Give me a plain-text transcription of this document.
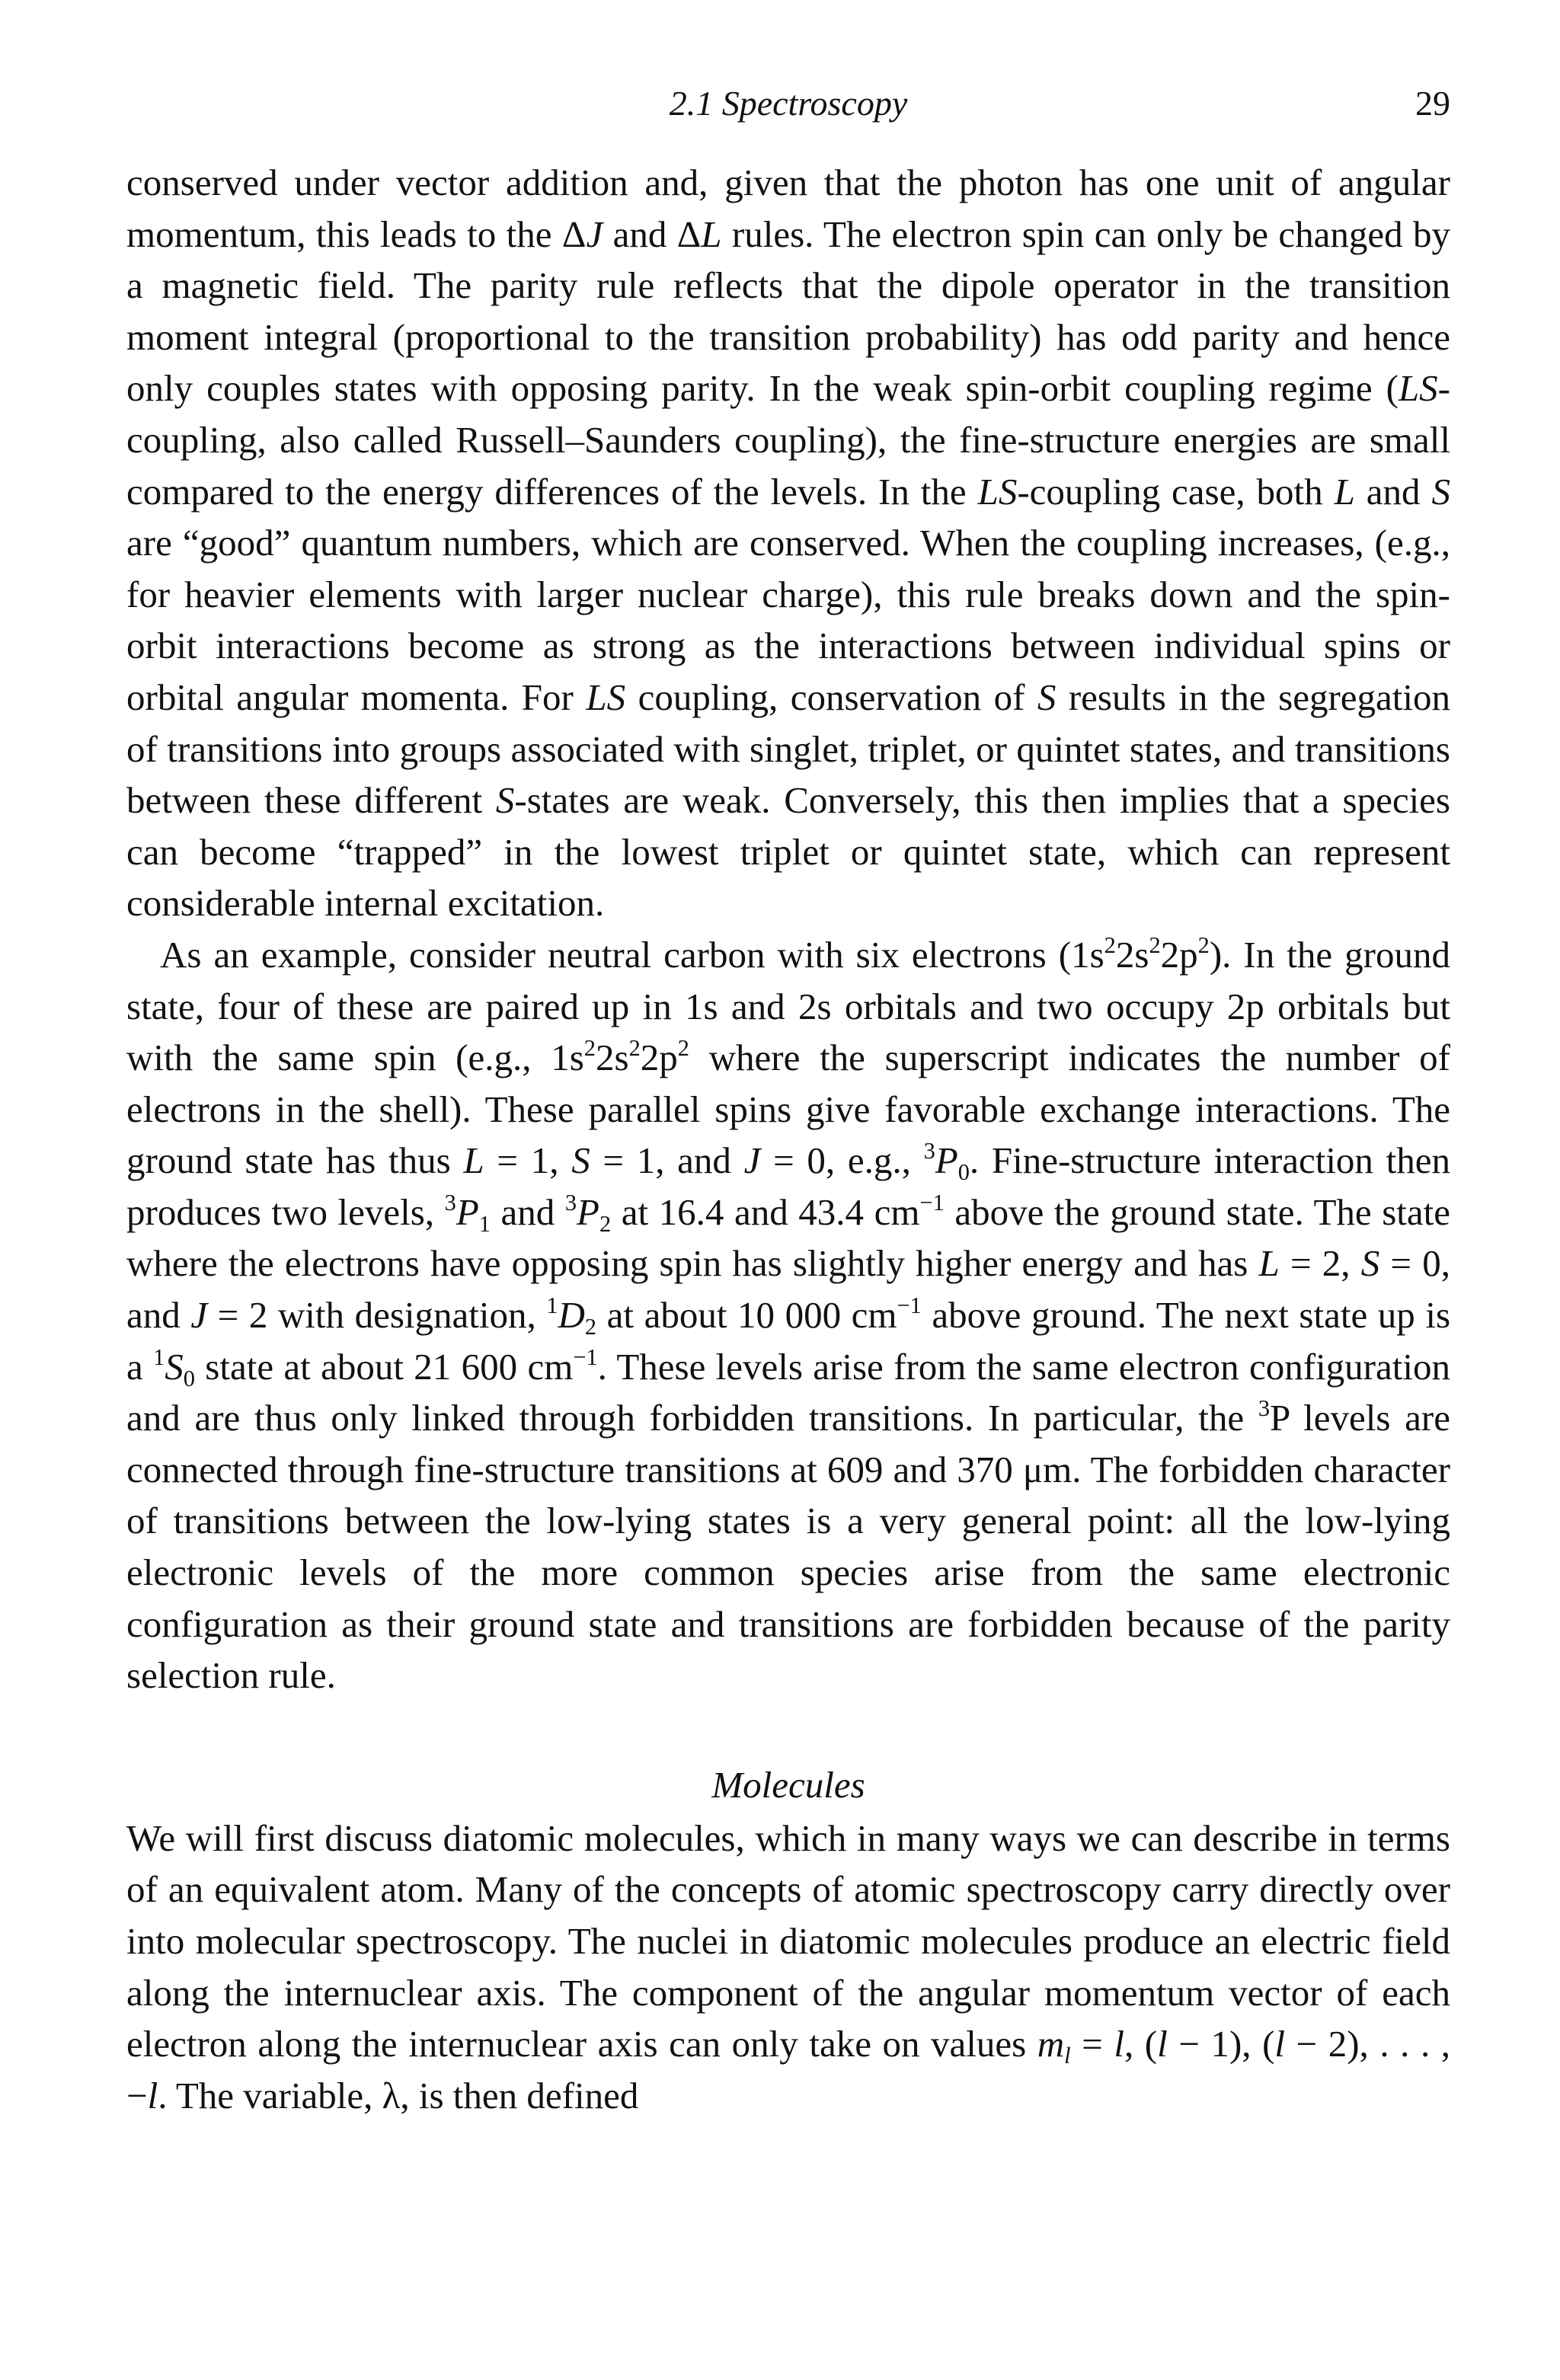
2.1 Spectroscopy	29

conserved under vector addition and, given that the photon has one unit of angular momentum, this leads to the ΔJ and ΔL rules. The electron spin can only be changed by a magnetic field. The parity rule reflects that the dipole operator in the transition moment integral (proportional to the transition probability) has odd parity and hence only couples states with opposing parity. In the weak spin-orbit coupling regime (LS-coupling, also called Russell–Saunders coupling), the fine-structure energies are small compared to the energy differences of the levels. In the LS-coupling case, both L and S are “good” quantum numbers, which are conserved. When the coupling increases, (e.g., for heavier elements with larger nuclear charge), this rule breaks down and the spin-orbit interactions become as strong as the interactions between individual spins or orbital angular momenta. For LS coupling, conservation of S results in the segregation of transitions into groups associated with singlet, triplet, or quintet states, and transitions between these different S-states are weak. Conversely, this then implies that a species can become “trapped” in the lowest triplet or quintet state, which can represent considerable internal excitation.

As an example, consider neutral carbon with six electrons $(1s^22s^22p^2)$. In the ground state, four of these are paired up in 1s and 2s orbitals and two occupy 2p orbitals but with the same spin (e.g., $1s^22s^22p^2$ where the superscript indicates the number of electrons in the shell). These parallel spins give favorable exchange interactions. The ground state has thus L = 1, S = 1, and J = 0, e.g., $^3P_0$. Fine-structure interaction then produces two levels, $^3P_1$ and $^3P_2$ at 16.4 and 43.4 $cm^{-1}$ above the ground state. The state where the electrons have opposing spin has slightly higher energy and has L = 2, S = 0, and J = 2 with designation, $^1D_2$ at about 10 000 $cm^{-1}$ above ground. The next state up is a $^1S_0$ state at about 21 600 $cm^{-1}$. These levels arise from the same electron configuration and are thus only linked through forbidden transitions. In particular, the $^3$P levels are connected through fine-structure transitions at 609 and 370 μm. The forbidden character of transitions between the low-lying states is a very general point: all the low-lying electronic levels of the more common species arise from the same electronic configuration as their ground state and transitions are forbidden because of the parity selection rule.

Molecules

We will first discuss diatomic molecules, which in many ways we can describe in terms of an equivalent atom. Many of the concepts of atomic spectroscopy carry directly over into molecular spectroscopy. The nuclei in diatomic molecules produce an electric field along the internuclear axis. The component of the angular momentum vector of each electron along the internuclear axis can only take on values $m_l = l$, (l − 1), (l − 2), . . . , −l. The variable, λ, is then defined
